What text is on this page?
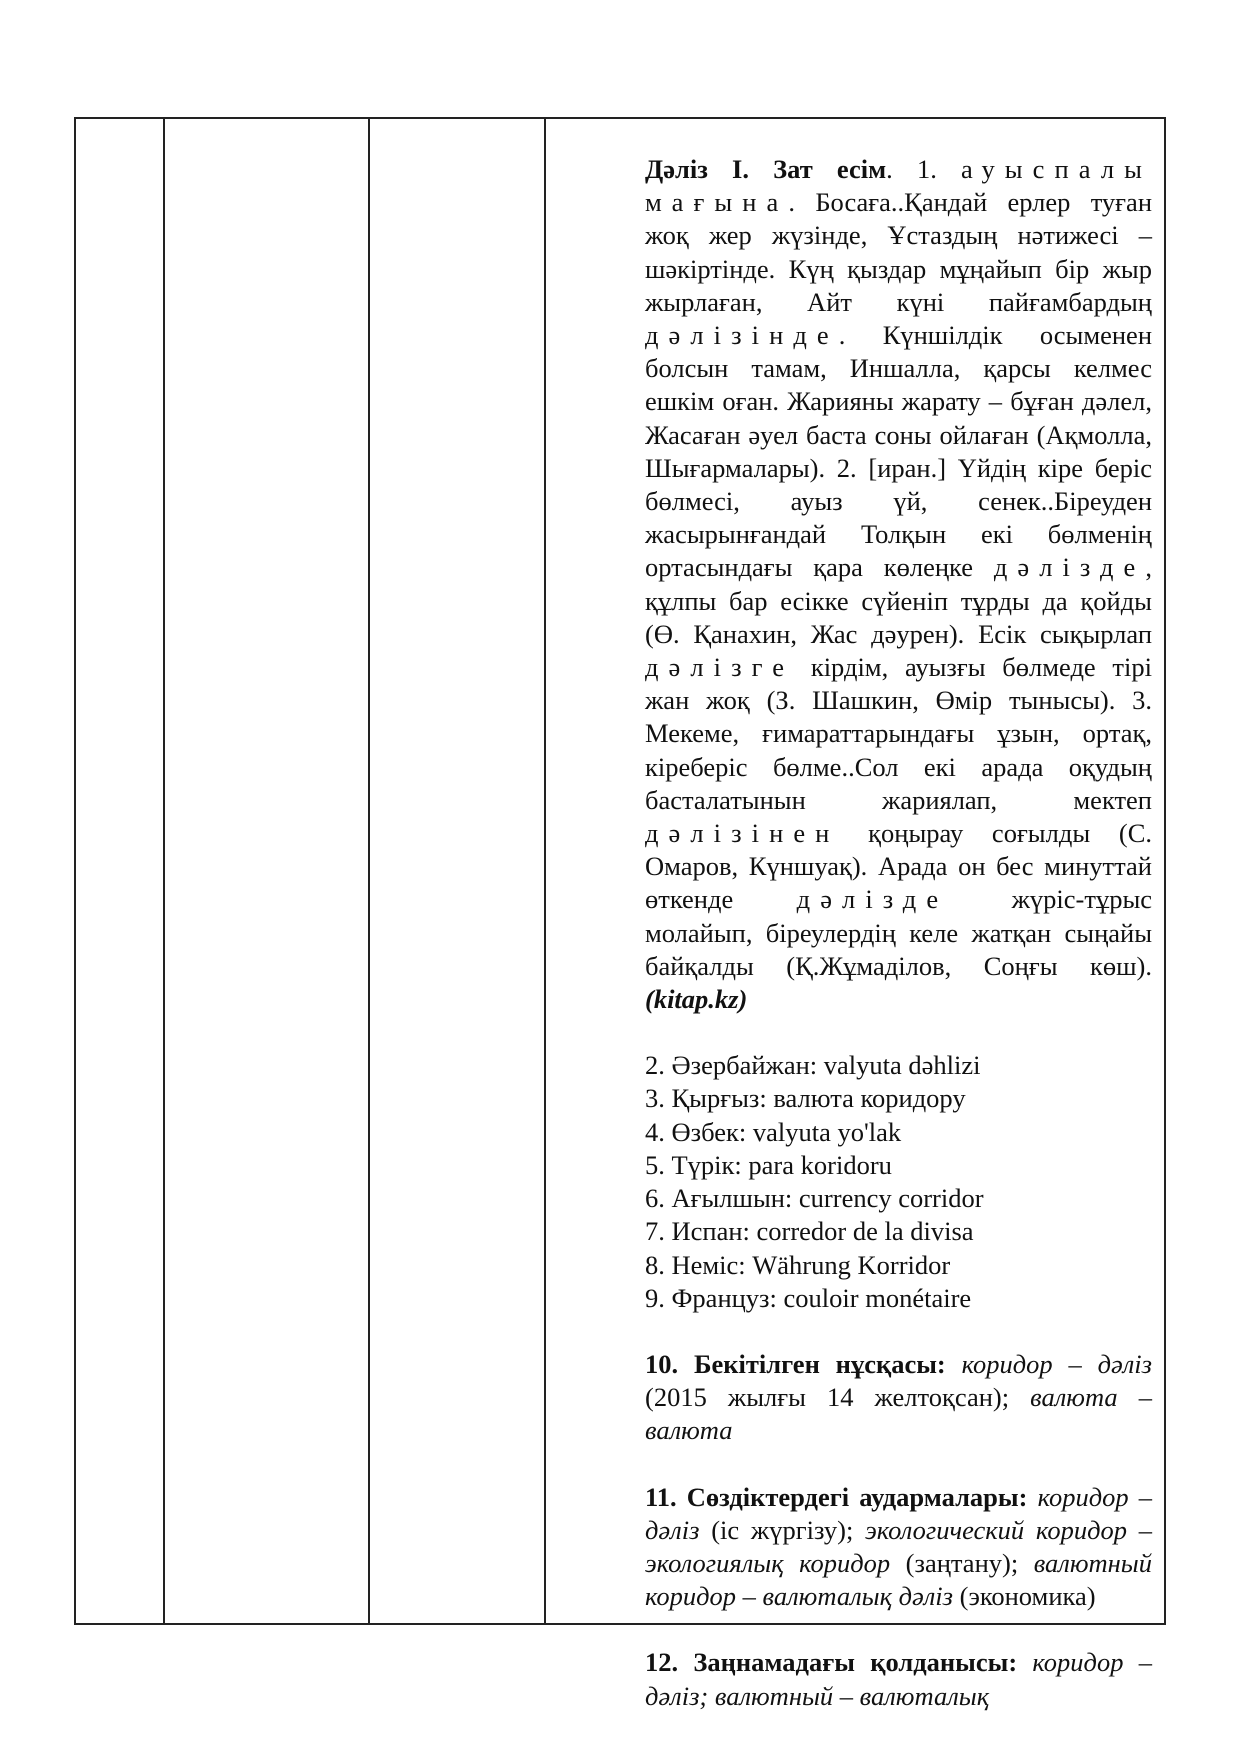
Дәліз І. Зат есім. 1. ауыспалы мағына. Босаға..Қандай ерлер туған жоқ жер жүзінде, Ұстаздың нәтижесі – шәкіртінде. Күң қыздар мұңайып бір жыр жырлаған, Айт күні пайғамбардың дәлізінде. Күншілдік осыменен болсын тамам, Иншалла, қарсы келмес ешкім оған. Жарияны жарату – бұған дәлел, Жасаған әуел баста соны ойлаған (Ақмолла, Шығармалары). 2. [иран.] Үйдің кіре беріс бөлмесі, ауыз үй, сенек..Біреуден жасырынғандай Толқын екі бөлменің ортасындағы қара көлеңке дәлізде, құлпы бар есікке сүйеніп тұрды да қойды (Ө. Қанахин, Жас дәурен). Есік сықырлап дәлізге кірдім, ауызғы бөлмеде тірі жан жоқ (З. Шашкин, Өмір тынысы). 3. Мекеме, ғимараттарындағы ұзын, ортақ, кіреберіс бөлме..Сол екі арада оқудың басталатынын жариялап, мектеп дәлізінен қоңырау соғылды (С. Омаров, Күншуақ). Арада он бес минуттай өткенде дәлізде жүріс-тұрыс молайып, біреулердің келе жатқан сыңайы байқалды (Қ.Жұмаділов, Соңғы көш). (kitap.kz)

2. Әзербайжан: valyuta dəhlizi

3. Қырғыз: валюта коридору

4. Өзбек: valyuta yo'lak

5. Түрік: para koridoru

6. Ағылшын: currency corridor

7. Испан: corredor de la divisa

8. Неміс: Währung Korridor

9. Француз: couloir monétaire

10. Бекітілген нұсқасы: коридор – дәліз (2015 жылғы 14 желтоқсан); валюта – валюта

11. Сөздіктердегі аудармалары: коридор – дәліз (іс жүргізу); экологический коридор – экологиялық коридор (заңтану); валютный коридор – валюталық дәліз (экономика)

12. Заңнамадағы қолданысы: коридор – дәліз; валютный – валюталық
